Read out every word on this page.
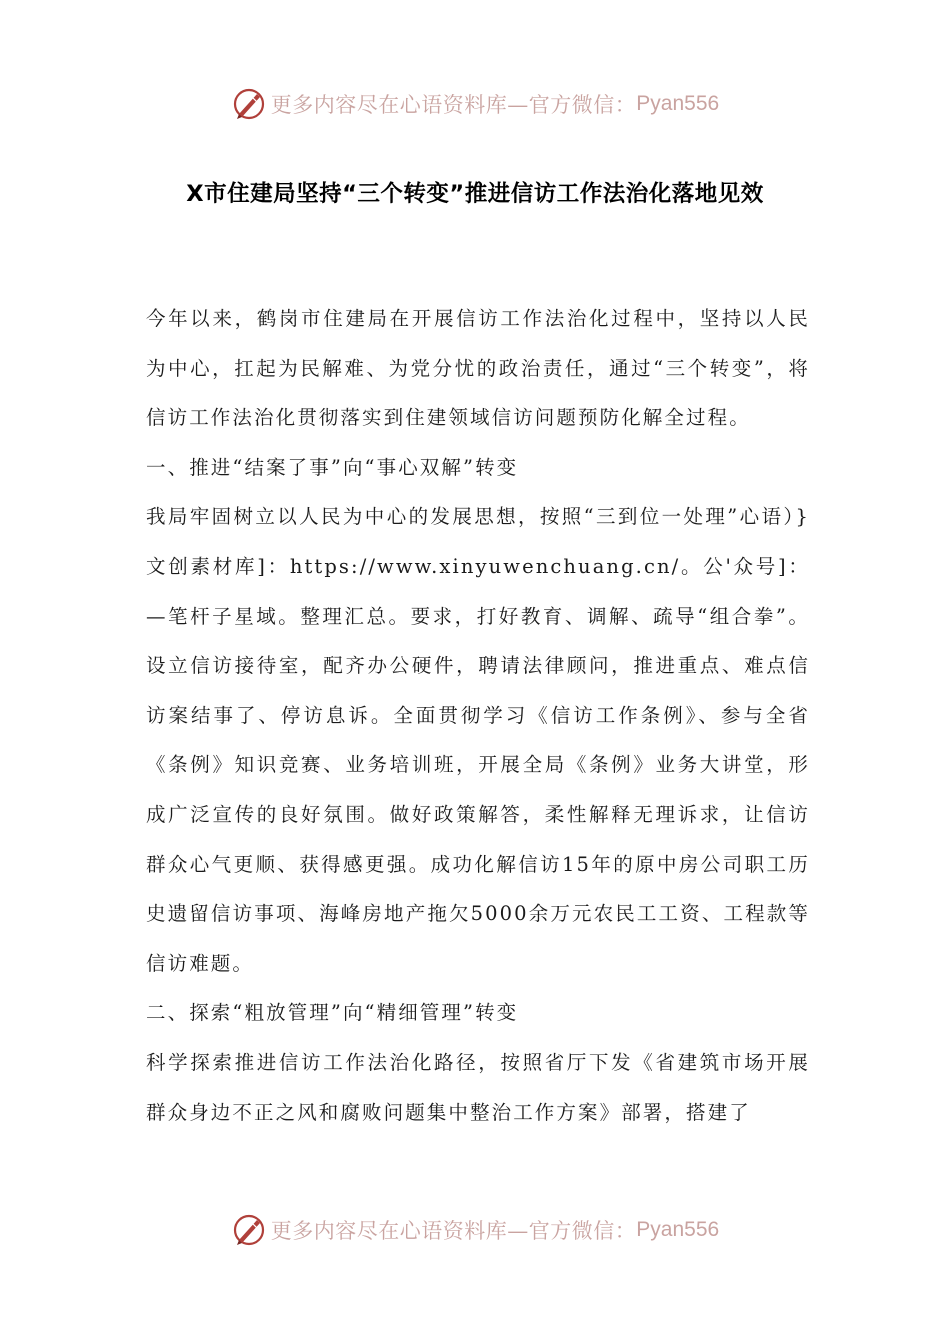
更多内容尽在心语资料库—官方微信： Pyan556
X市住建局坚持“三个转变”推进信访工作法治化落地见效

今年以来，鹤岗市住建局在开展信访工作法治化过程中，坚持以人民为中心，扛起为民解难、为党分忧的政治责任，通过“三个转变”，将信访工作法治化贯彻落实到住建领域信访问题预防化解全过程。

一、推进“结案了事”向“事心双解”转变

我局牢固树立以人民为中心的发展思想，按照“三到位一处理”心语）}文创素材库]：https://www.xinyuwenchuang.cn/。公'众号]：—笔杆子星域。整理汇总。要求，打好教育、调解、疏导“组合拳”。设立信访接待室，配齐办公硬件，聘请法律顾问，推进重点、难点信访案结事了、停访息诉。全面贯彻学习《信访工作条例》、参与全省《条例》知识竞赛、业务培训班，开展全局《条例》业务大讲堂，形成广泛宣传的良好氛围。做好政策解答，柔性解释无理诉求，让信访群众心气更顺、获得感更强。成功化解信访15年的原中房公司职工历史遗留信访事项、海峰房地产拖欠5000余万元农民工工资、工程款等信访难题。

二、探索“粗放管理”向“精细管理”转变

科学探索推进信访工作法治化路径，按照省厅下发《省建筑市场开展群众身边不正之风和腐败问题集中整治工作方案》部署，搭建了

更多内容尽在心语资料库—官方微信： Pyan556
